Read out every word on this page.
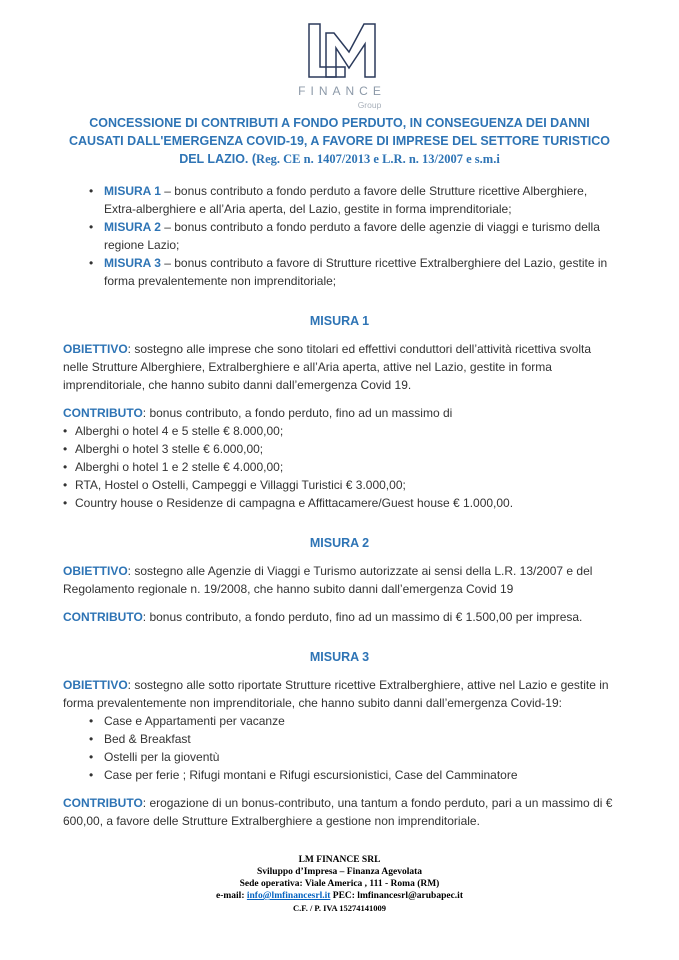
FINANCE
Group
CONCESSIONE DI CONTRIBUTI A FONDO PERDUTO, IN CONSEGUENZA DEI DANNI CAUSATI DALL'EMERGENZA COVID-19, A FAVORE DI IMPRESE DEL SETTORE TURISTICO DEL LAZIO. (Reg. CE n. 1407/2013 e L.R. n. 13/2007 e s.m.i
• MISURA 1 – bonus contributo a fondo perduto a favore delle Strutture ricettive Alberghiere, Extra-alberghiere e all’Aria aperta, del Lazio, gestite in forma imprenditoriale;
• MISURA 2 – bonus contributo a fondo perduto a favore delle agenzie di viaggi e turismo della regione Lazio;
• MISURA 3 – bonus contributo a favore di Strutture ricettive Extralberghiere del Lazio, gestite in forma prevalentemente non imprenditoriale;
MISURA 1

OBIETTIVO: sostegno alle imprese che sono titolari ed effettivi conduttori dell’attività ricettiva svolta nelle Strutture Alberghiere, Extralberghiere e all’Aria aperta, attive nel Lazio, gestite in forma imprenditoriale, che hanno subito danni dall’emergenza Covid 19.

CONTRIBUTO: bonus contributo, a fondo perduto, fino ad un massimo di

• Alberghi o hotel 4 e 5 stelle € 8.000,00;
• Alberghi o hotel 3 stelle € 6.000,00;
• Alberghi o hotel 1 e 2 stelle € 4.000,00;
• RTA, Hostel o Ostelli, Campeggi e Villaggi Turistici € 3.000,00;
• Country house o Residenze di campagna e Affittacamere/Guest house € 1.000,00.
MISURA 2

OBIETTIVO: sostegno alle Agenzie di Viaggi e Turismo autorizzate ai sensi della L.R. 13/2007 e del Regolamento regionale n. 19/2008, che hanno subito danni dall’emergenza Covid 19

CONTRIBUTO: bonus contributo, a fondo perduto, fino ad un massimo di € 1.500,00 per impresa.

MISURA 3

OBIETTIVO: sostegno alle sotto riportate Strutture ricettive Extralberghiere, attive nel Lazio e gestite in forma prevalentemente non imprenditoriale, che hanno subito danni dall’emergenza Covid-19:

• Case e Appartamenti per vacanze
• Bed & Breakfast
• Ostelli per la gioventù
• Case per ferie ; Rifugi montani e Rifugi escursionistici, Case del Camminatore

CONTRIBUTO: erogazione di un bonus-contributo, una tantum a fondo perduto, pari a un massimo di € 600,00, a favore delle Strutture Extralberghiere a gestione non imprenditoriale.

LM FINANCE SRL
Sviluppo d’Impresa – Finanza Agevolata
Sede operativa: Viale America , 111 - Roma (RM)
e-mail: info@lmfinancesrl.it PEC: lmfinancesrl@arubapec.it
C.F. / P. IVA 15274141009
